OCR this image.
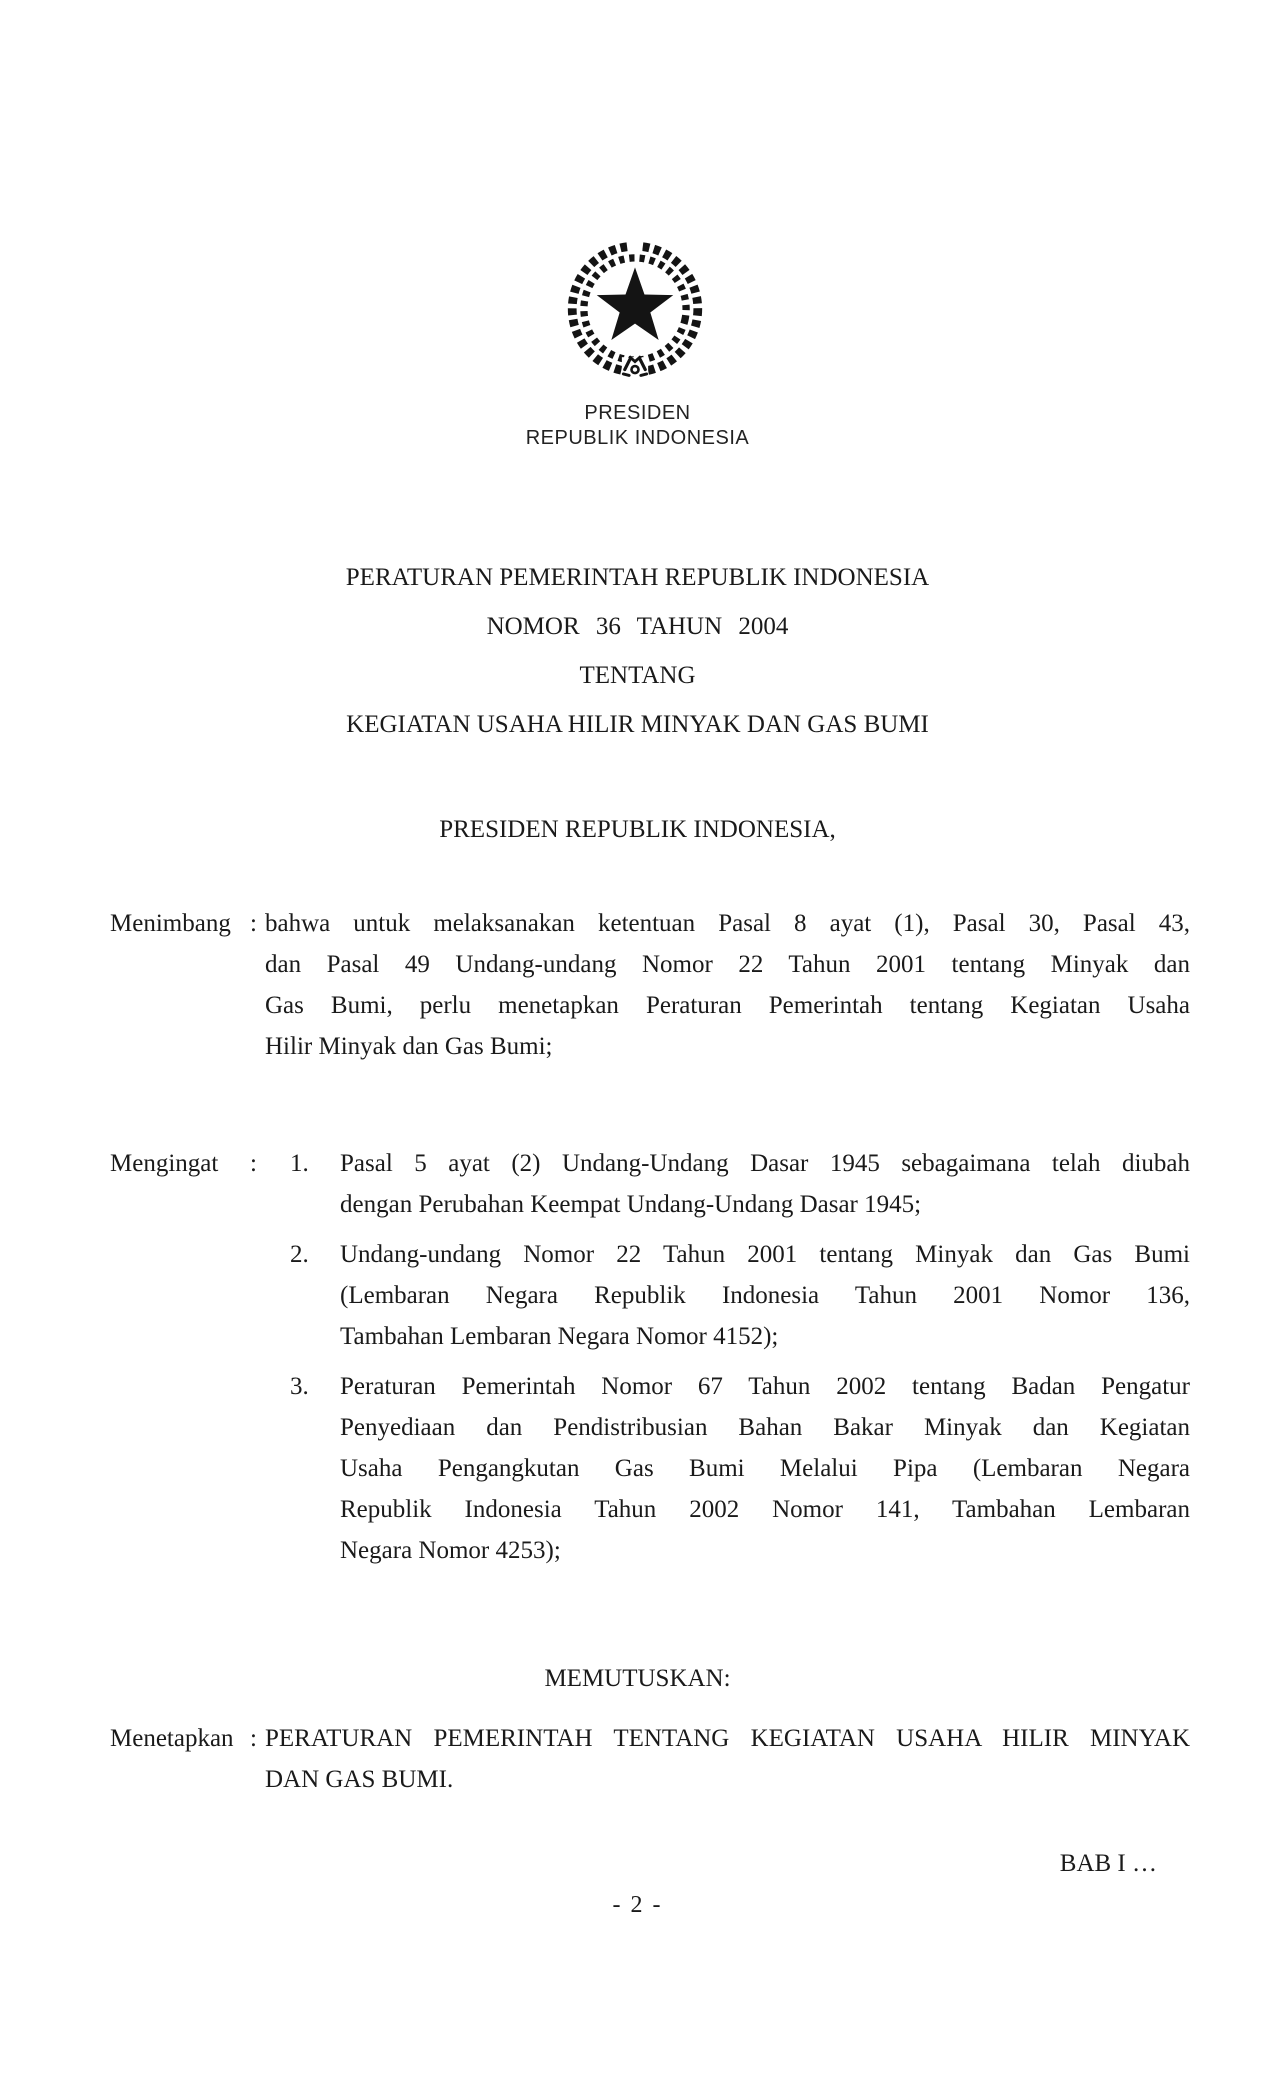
PRESIDEN
REPUBLIK INDONESIA
PERATURAN PEMERINTAH REPUBLIK INDONESIA
NOMOR 36 TAHUN 2004
TENTANG
KEGIATAN USAHA HILIR MINYAK DAN GAS BUMI
PRESIDEN REPUBLIK INDONESIA,
Menimbang : bahwa untuk melaksanakan ketentuan Pasal 8 ayat (1), Pasal 30, Pasal 43,
dan Pasal 49 Undang-undang Nomor 22 Tahun 2001 tentang Minyak dan
Gas Bumi, perlu menetapkan Peraturan Pemerintah tentang Kegiatan Usaha
Hilir Minyak dan Gas Bumi;
Mengingat :	1.	Pasal 5 ayat (2) Undang-Undang Dasar 1945 sebagaimana telah diubah
dengan Perubahan Keempat Undang-Undang Dasar 1945;
2.	Undang-undang Nomor 22 Tahun 2001 tentang Minyak dan Gas Bumi
(Lembaran Negara Republik Indonesia Tahun 2001 Nomor 136,
Tambahan Lembaran Negara Nomor 4152);
3.	Peraturan Pemerintah Nomor 67 Tahun 2002 tentang Badan Pengatur
Penyediaan dan Pendistribusian Bahan Bakar Minyak dan Kegiatan
Usaha Pengangkutan Gas Bumi Melalui Pipa (Lembaran Negara
Republik Indonesia Tahun 2002 Nomor 141, Tambahan Lembaran
Negara Nomor 4253);
MEMUTUSKAN:
Menetapkan : PERATURAN PEMERINTAH TENTANG KEGIATAN USAHA HILIR MINYAK
DAN GAS BUMI.
BAB I …
- 2 -
